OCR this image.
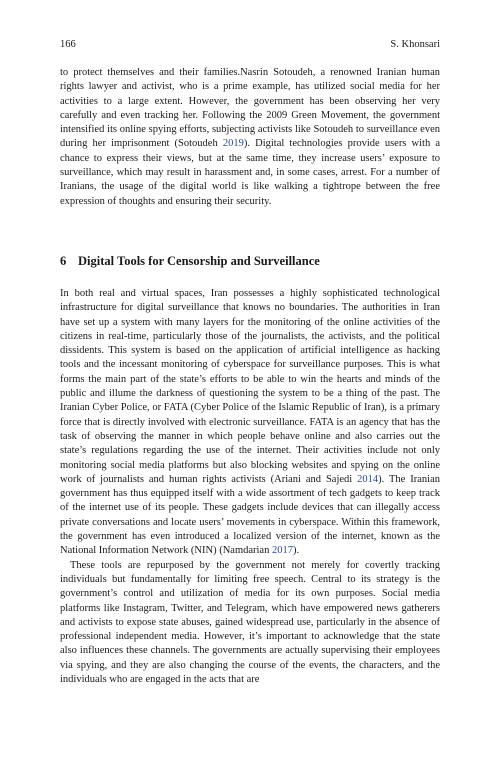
166	S. Khonsari

to protect themselves and their families.Nasrin Sotoudeh, a renowned Iranian human rights lawyer and activist, who is a prime example, has utilized social media for her activities to a large extent. However, the government has been observing her very carefully and even tracking her. Following the 2009 Green Movement, the government intensified its online spying efforts, subjecting activists like Sotoudeh to surveillance even during her imprisonment (Sotoudeh 2019). Digital technologies provide users with a chance to express their views, but at the same time, they increase users’ exposure to surveillance, which may result in harassment and, in some cases, arrest. For a number of Iranians, the usage of the digital world is like walking a tightrope between the free expression of thoughts and ensuring their security.

6 Digital Tools for Censorship and Surveillance

In both real and virtual spaces, Iran possesses a highly sophisticated technological infrastructure for digital surveillance that knows no boundaries. The authorities in Iran have set up a system with many layers for the monitoring of the online activities of the citizens in real-time, particularly those of the journalists, the activists, and the political dissidents. This system is based on the application of artificial intelligence as hacking tools and the incessant monitoring of cyberspace for surveillance purposes. This is what forms the main part of the state’s efforts to be able to win the hearts and minds of the public and illume the darkness of questioning the system to be a thing of the past. The Iranian Cyber Police, or FATA (Cyber Police of the Islamic Republic of Iran), is a primary force that is directly involved with electronic surveillance. FATA is an agency that has the task of observing the manner in which people behave online and also carries out the state’s regulations regarding the use of the internet. Their activities include not only monitoring social media platforms but also blocking websites and spying on the online work of journalists and human rights activists (Ariani and Sajedi 2014). The Iranian government has thus equipped itself with a wide assortment of tech gadgets to keep track of the internet use of its people. These gadgets include devices that can illegally access private conversations and locate users’ movements in cyberspace. Within this framework, the government has even introduced a localized version of the internet, known as the National Information Network (NIN) (Namdarian 2017).

These tools are repurposed by the government not merely for covertly tracking individuals but fundamentally for limiting free speech. Central to its strategy is the government’s control and utilization of media for its own purposes. Social media platforms like Instagram, Twitter, and Telegram, which have empowered news gatherers and activists to expose state abuses, gained widespread use, particularly in the absence of professional independent media. However, it’s important to acknowledge that the state also influences these channels. The governments are actually supervising their employees via spying, and they are also changing the course of the events, the characters, and the individuals who are engaged in the acts that are
